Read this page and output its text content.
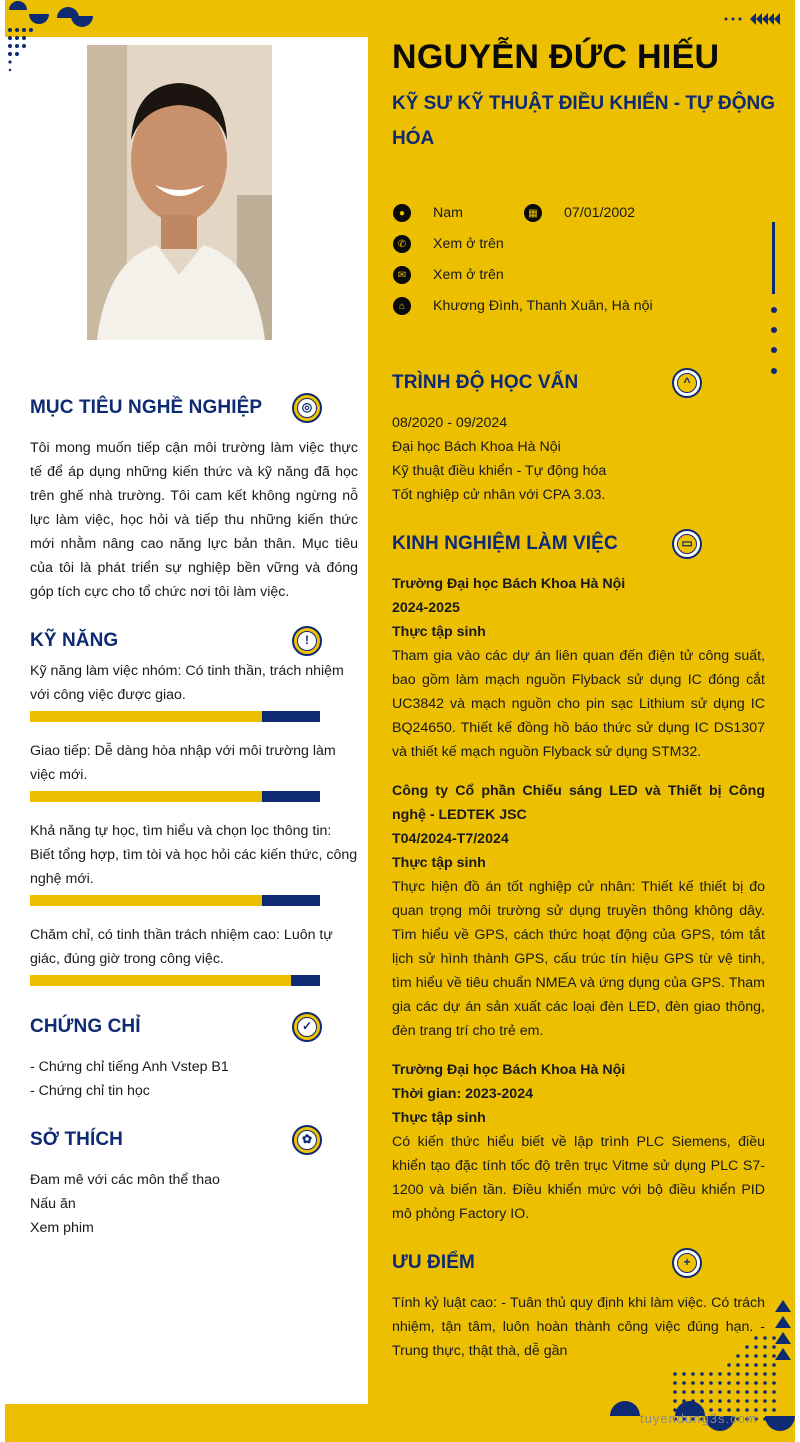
NGUYỄN ĐỨC HIẾU
KỸ SƯ KỸ THUẬT ĐIỀU KHIỂN - TỰ ĐỘNG HÓA
●	Nam	▦	07/01/2002
✆	Xem ở trên
✉	Xem ở trên
⌂	Khương Đình, Thanh Xuân, Hà nội
MỤC TIÊU NGHỀ NGHIỆP	◎
Tôi mong muốn tiếp cận môi trường làm việc thực tế để áp dụng những kiến thức và kỹ năng đã học trên ghế nhà trường. Tôi cam kết không ngừng nỗ lực làm việc, học hỏi và tiếp thu những kiến thức mới nhằm nâng cao năng lực bản thân. Mục tiêu của tôi là phát triển sự nghiệp bền vững và đóng góp tích cực cho tổ chức nơi tôi làm việc.
KỸ NĂNG	!
Kỹ năng làm việc nhóm: Có tinh thần, trách nhiệm với công việc được giao.
Giao tiếp: Dễ dàng hòa nhập với môi trường làm việc mới.
Khả năng tự học, tìm hiểu và chọn lọc thông tin: Biết tổng hợp, tìm tòi và học hỏi các kiến thức, công nghệ mới.
Chăm chỉ, có tinh thần trách nhiệm cao: Luôn tự giác, đúng giờ trong công việc.
CHỨNG CHỈ	✓
- Chứng chỉ tiếng Anh Vstep B1
- Chứng chỉ tin học
SỞ THÍCH	✿
Đam mê với các môn thể thao
Nấu ăn
Xem phim
TRÌNH ĐỘ HỌC VẤN	^
08/2020 - 09/2024
Đại học Bách Khoa Hà Nội
Kỹ thuật điều khiển - Tự động hóa
Tốt nghiệp cử nhân với CPA 3.03.
KINH NGHIỆM LÀM VIỆC	▭
Trường Đại học Bách Khoa Hà Nội
2024-2025
Thực tập sinh
Tham gia vào các dự án liên quan đến điện tử công suất, bao gồm làm mạch nguồn Flyback sử dụng IC đóng cắt UC3842 và mạch nguồn cho pin sạc Lithium sử dụng IC BQ24650. Thiết kế đồng hồ báo thức sử dụng IC DS1307 và thiết kế mạch nguồn Flyback sử dụng STM32.
Công ty Cổ phần Chiếu sáng LED và Thiết bị Công nghệ - LEDTEK JSC
T04/2024-T7/2024
Thực tập sinh
Thực hiện đồ án tốt nghiệp cử nhân: Thiết kế thiết bị đo quan trọng môi trường sử dụng truyền thông không dây. Tìm hiểu về GPS, cách thức hoạt động của GPS, tóm tắt lịch sử hình thành GPS, cấu trúc tín hiệu GPS từ vệ tinh, tìm hiểu về tiêu chuẩn NMEA và ứng dụng của GPS. Tham gia các dự án sản xuất các loại đèn LED, đèn giao thông, đèn trang trí cho trẻ em.
Trường Đại học Bách Khoa Hà Nội
Thời gian: 2023-2024
Thực tập sinh
Có kiến thức hiểu biết về lập trình PLC Siemens, điều khiển tạo đặc tính tốc độ trên trục Vitme sử dụng PLC S7-1200 và biến tần. Điều khiển mức với bộ điều khiển PID mô phỏng Factory IO.
ƯU ĐIỂM	+
Tính kỷ luật cao: - Tuân thủ quy định khi làm việc. Có trách nhiệm, tận tâm, luôn hoàn thành công việc đúng hạn. - Trung thực, thật thà, dễ gần
tuyendung3s.com
